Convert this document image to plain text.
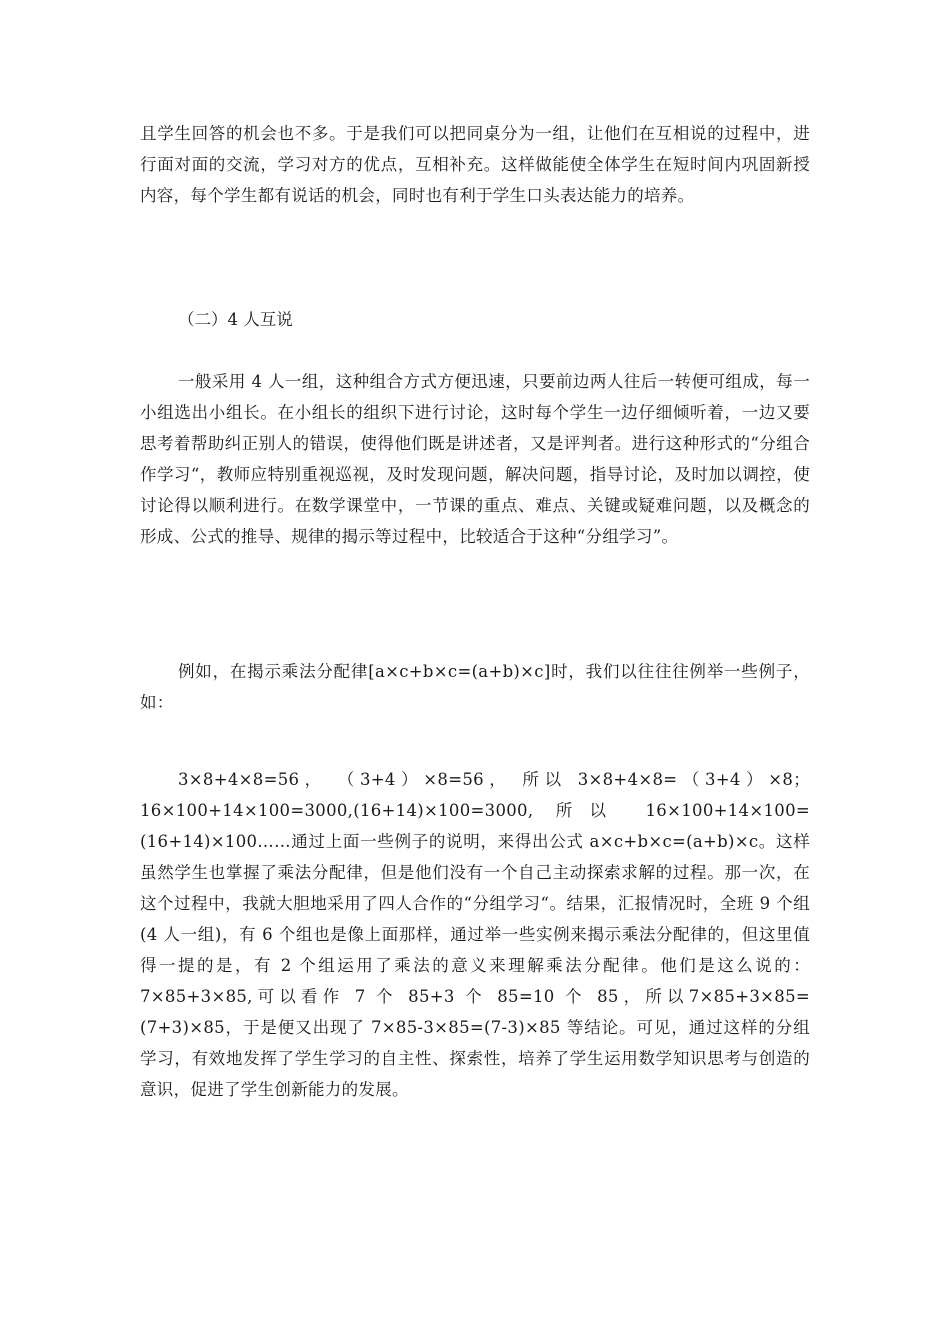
且学生回答的机会也不多。于是我们可以把同桌分为一组，让他们在互相说的过程中，进行面对面的交流，学习对方的优点，互相补充。这样做能使全体学生在短时间内巩固新授内容，每个学生都有说话的机会，同时也有利于学生口头表达能力的培养。

（二）4 人互说

一般采用 4 人一组，这种组合方式方便迅速，只要前边两人往后一转便可组成，每一小组选出小组长。在小组长的组织下进行讨论，这时每个学生一边仔细倾听着，一边又要思考着帮助纠正别人的错误，使得他们既是讲述者，又是评判者。进行这种形式的“分组合作学习“，教师应特别重视巡视，及时发现问题，解决问题，指导讨论，及时加以调控，使讨论得以顺利进行。在数学课堂中，一节课的重点、难点、关键或疑难问题，以及概念的形成、公式的推导、规律的揭示等过程中，比较适合于这种“分组学习”。

例如，在揭示乘法分配律[a×c+b×c=(a+b)×c]时，我们以往往往例举一些例子，如：

3×8+4×8=56， （3+4）×8=56， 所以 3×8+4×8=（3+4）×8；16×100+14×100=3000,(16+14)×100=3000, 所以 16×100+14×100=(16+14)×100……通过上面一些例子的说明，来得出公式 a×c+b×c=(a+b)×c。这样虽然学生也掌握了乘法分配律，但是他们没有一个自己主动探索求解的过程。那一次，在这个过程中，我就大胆地采用了四人合作的“分组学习“。结果，汇报情况时，全班 9 个组(4 人一组)，有 6 个组也是像上面那样，通过举一些实例来揭示乘法分配律的，但这里值得一提的是，有 2 个组运用了乘法的意义来理解乘法分配律。他们是这么说的：7×85+3×85,可以看作 7 个 85+3 个 85=10 个 85，所以7×85+3×85=(7+3)×85，于是便又出现了 7×85-3×85=(7-3)×85 等结论。可见，通过这样的分组学习，有效地发挥了学生学习的自主性、探索性，培养了学生运用数学知识思考与创造的意识，促进了学生创新能力的发展。
